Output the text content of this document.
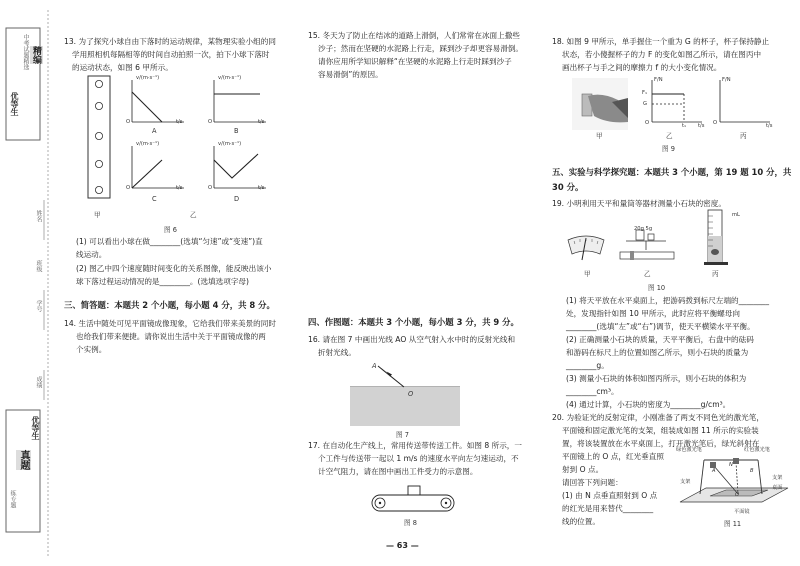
优等生
中考试题精选 精编
姓名
班级
学号
成绩
优等生
真题
练专题
13. 为了探究小球自由下落时的运动规律，某物理实验小组的同
学用照相机每隔相等的时间自动拍照一次，拍下小球下落时
的运动状态，如图 6 甲所示。
v/(m·s⁻¹)	v/(m·s⁻¹)
v/(m·s⁻¹)	v/(m·s⁻¹)
O	O
O	O
t/s	t/s
t/s	t/s
A	B
C	D
甲	乙
图 6
(1) 可以看出小球在做________(选填“匀速”或“变速”)直
线运动。
(2) 图乙中四个速度随时间变化的关系图像，能反映出该小
球下落过程运动情况的是________。(选填选项字母)
三、简答题：本题共 2 个小题，每小题 4 分，共 8 分。
14. 生活中随处可见平面镜成像现象，它给我们带来美景的同时
也给我们带来便捷。请你说出生活中关于平面镜成像的两
个实例。
15. 冬天为了防止在结冰的道路上滑倒，人们常常在冰面上撒些
沙子；然而在坚硬的水泥路上行走，踩到沙子却更容易滑倒。
请你应用所学知识解释“在坚硬的水泥路上行走时踩到沙子
容易滑倒”的原因。
四、作图题：本题共 3 个小题，每小题 3 分，共 9 分。
16. 请在图 7 中画出光线 AO 从空气射入水中时的反射光线和
折射光线。
A
O
图 7
17. 在自动化生产线上，常用传送带传送工件。如图 8 所示，一
个工件与传送带一起以 1 m/s 的速度水平向左匀速运动，不
计空气阻力，请在图中画出工件受力的示意图。
图 8
18. 如图 9 甲所示，单手握住一个重为 G 的杯子，杯子保持静止
状态，若小傻握杯子的力 F 的变化如图乙所示，请在图丙中
画出杯子与手之间的摩擦力 f 的大小变化情况。
F/N	F/N
F₁
G
O	O
t₁ t/s	t/s
甲	乙	丙
图 9
五、实验与科学探究题：本题共 3 个小题，第 19 题 10 分，共
30 分。
19. 小明利用天平和量筒等器材测量小石块的密度。
20g 5g
mL
甲	乙	丙
图 10
(1) 将天平放在水平桌面上，把游码拨到标尺左端的________
处，发现指针如图 10 甲所示，此时应将平衡螺母向
________(选填“左”或“右”)调节，使天平横梁水平平衡。
(2) 正确测量小石块的质量，天平平衡后，右盘中的砝码
和游码在标尺上的位置如图乙所示，则小石块的质量为
________g。
(3) 测量小石块的体积如图丙所示，则小石块的体积为
________cm³。
(4) 通过计算，小石块的密度为________g/cm³。
20. 为验证光的反射定律，小刚准备了两支不同色光的激光笔，
平面镜和固定激光笔的支架，组装成如图 11 所示的实验装
置，将该装置放在水平桌面上，打开激光笔后，绿光斜射在
平面镜上的 O 点，红光垂直照
射到 O 点。
请回答下列问题：
(1) 由 N 点垂直照射到 O 点
的红光是用来替代________
线的位置。
绿色激光笔	红色激光笔
支架
支架
桌面
平面镜
N
O
A	B
图 11
— 63 —
